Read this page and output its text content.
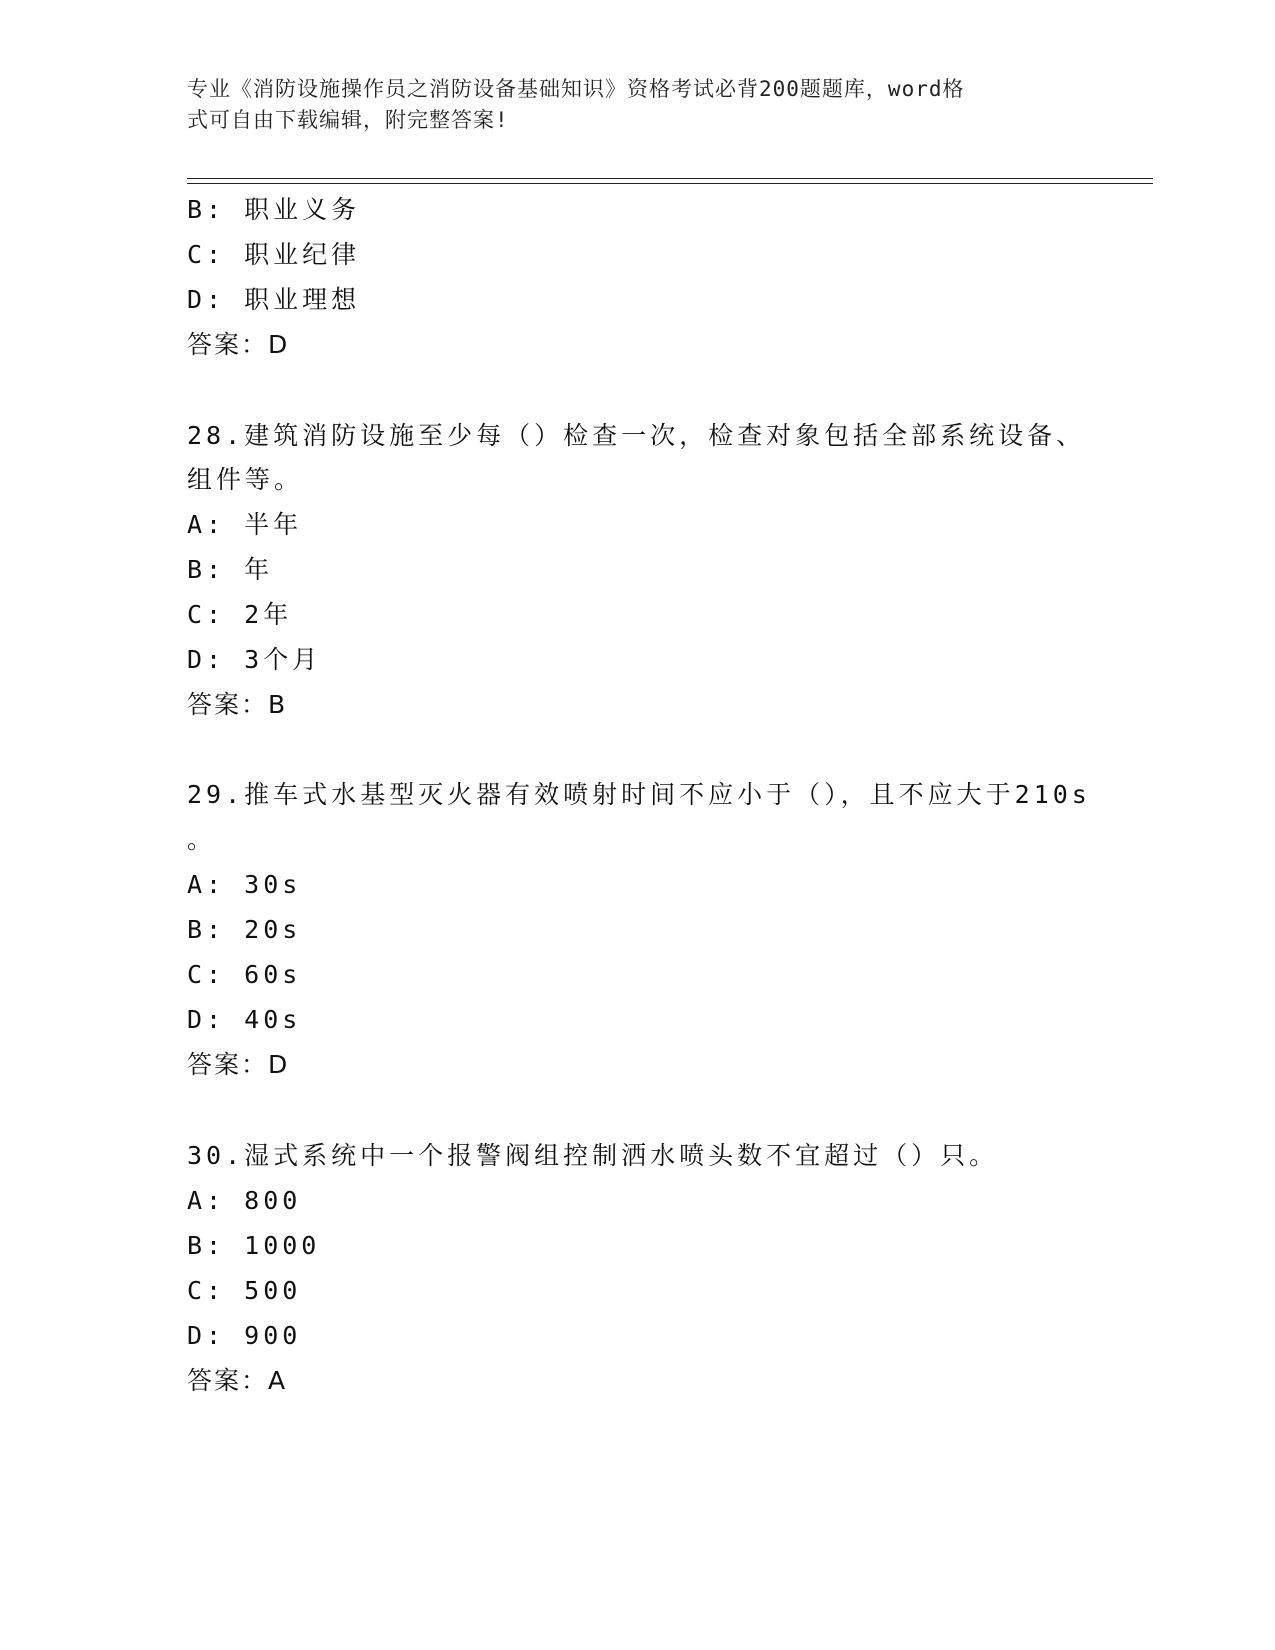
专业《消防设施操作员之消防设备基础知识》资格考试必背200题题库，word格
式可自由下载编辑，附完整答案!
B: 职业义务
C: 职业纪律
D: 职业理想
答案：D
28.建筑消防设施至少每（）检查一次，检查对象包括全部系统设备、
组件等。
A: 半年
B: 年
C: 2年
D: 3个月
答案：B
29.推车式水基型灭火器有效喷射时间不应小于（），且不应大于210s
。
A: 30s
B: 20s
C: 60s
D: 40s
答案：D
30.湿式系统中一个报警阀组控制洒水喷头数不宜超过（）只。
A: 800
B: 1000
C: 500
D: 900
答案：A
